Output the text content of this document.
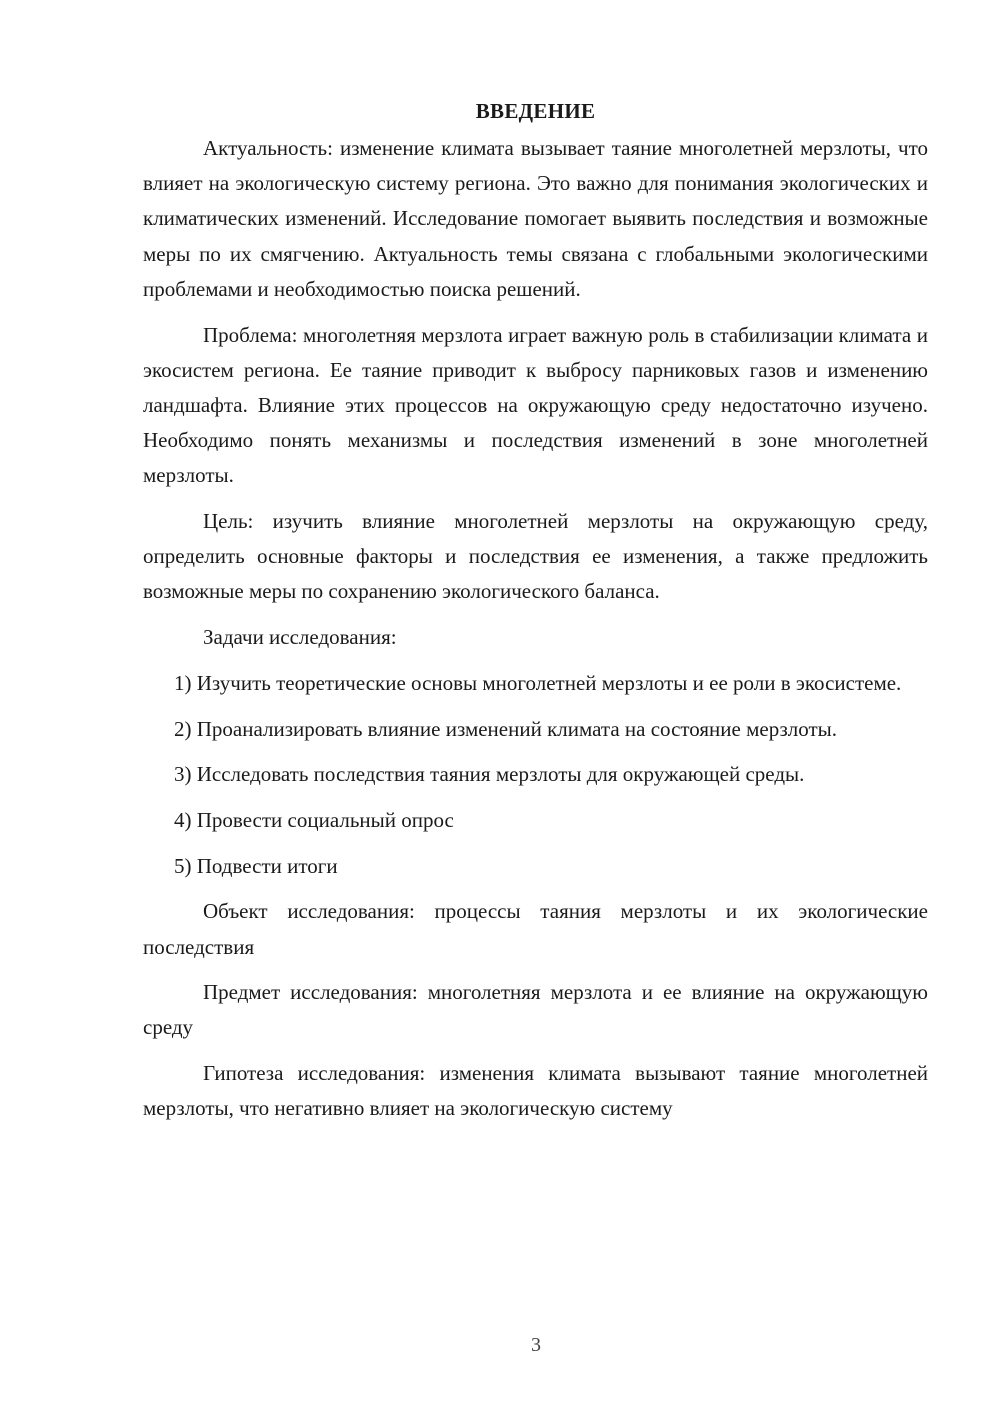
ВВЕДЕНИЕ

Актуальность: изменение климата вызывает таяние многолетней мерзлоты, что влияет на экологическую систему региона. Это важно для понимания экологических и климатических изменений. Исследование помогает выявить последствия и возможные меры по их смягчению. Актуальность темы связана с глобальными экологическими проблемами и необходимостью поиска решений.

Проблема: многолетняя мерзлота играет важную роль в стабилизации климата и экосистем региона. Ее таяние приводит к выбросу парниковых газов и изменению ландшафта. Влияние этих процессов на окружающую среду недостаточно изучено. Необходимо понять механизмы и последствия изменений в зоне многолетней мерзлоты.

Цель: изучить влияние многолетней мерзлоты на окружающую среду, определить основные факторы и последствия ее изменения, а также предложить возможные меры по сохранению экологического баланса.

Задачи исследования:

1) Изучить теоретические основы многолетней мерзлоты и ее роли в экосистеме.

2) Проанализировать влияние изменений климата на состояние мерзлоты.

3) Исследовать последствия таяния мерзлоты для окружающей среды.

4) Провести социальный опрос

5) Подвести итоги

Объект исследования: процессы таяния мерзлоты и их экологические последствия

Предмет исследования: многолетняя мерзлота и ее влияние на окружающую среду

Гипотеза исследования: изменения климата вызывают таяние многолетней мерзлоты, что негативно влияет на экологическую систему

3
